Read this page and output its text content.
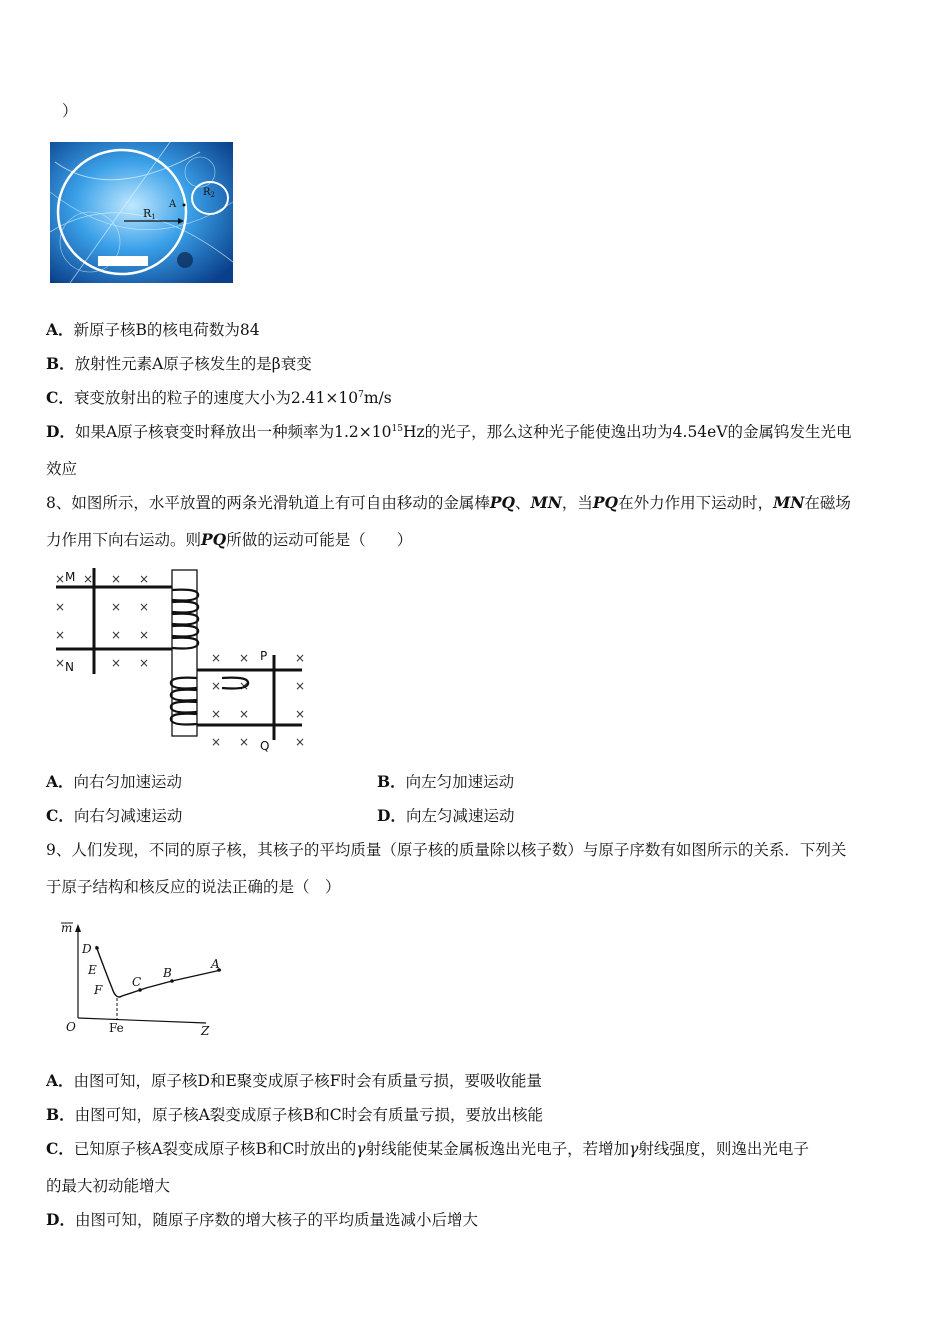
）
R1
A
$R_2$
A．新原子核B的核电荷数为84
B．放射性元素A原子核发生的是β衰变
C．衰变放射出的粒子的速度大小为$2.41\times 10^7m/s$
D．如果A原子核衰变时释放出一种频率为$1.2\times 10^{15}Hz$的光子，那么这种光子能使逸出功为4.54eV的金属钨发生光电
效应
8、如图所示，水平放置的两条光滑轨道上有可自由移动的金属棒PQ、MN，当PQ在外力作用下运动时，MN在磁场
力作用下向右运动。则PQ所做的运动可能是（　　）
×	× ×
×	× ×
×	× ×
×	× ×
×
× ×	×
× ×	×
× ×	×
× ×	×
M
N
P
Q
A．向右匀加速运动	B．向左匀加速运动
C．向右匀减速运动	D．向左匀减速运动
9、人们发现，不同的原子核，其核子的平均质量（原子核的质量除以核子数）与原子序数有如图所示的关系．下列关
于原子结构和核反应的说法正确的是（　）
m
O	Z
Fe
D
E
F
C
B
A
A．由图可知，原子核D和E聚变成原子核F时会有质量亏损，要吸收能量
B．由图可知，原子核A裂变成原子核B和C时会有质量亏损，要放出核能
C．已知原子核A裂变成原子核B和C时放出的γ射线能使某金属板逸出光电子，若增加γ射线强度，则逸出光电子
的最大初动能增大
D．由图可知，随原子序数的增大核子的平均质量选减小后增大
